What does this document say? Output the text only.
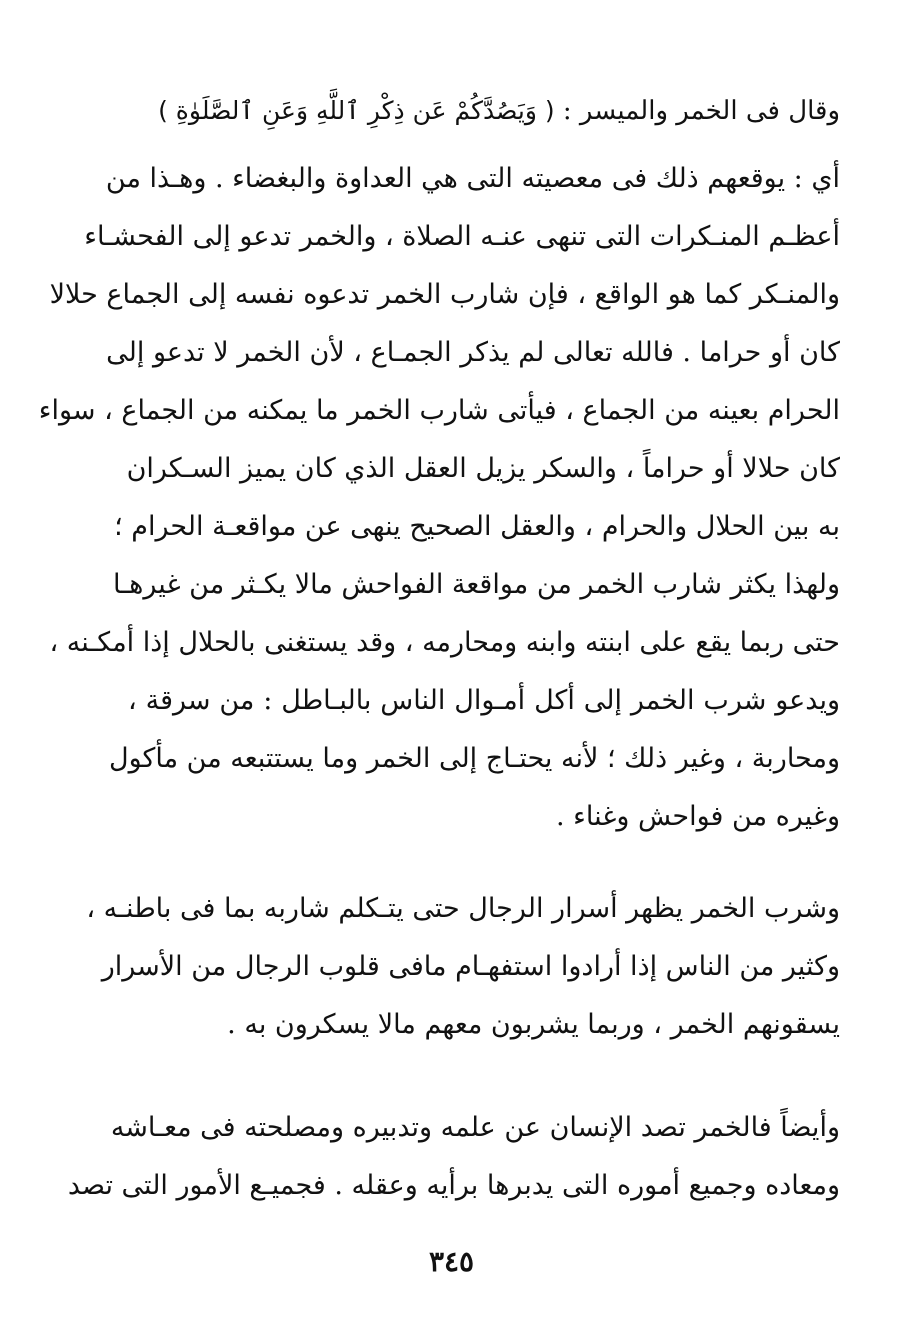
وقال فى الخمر والميسر : ( وَيَصُدَّكُمْ عَن ذِكْرِ ٱللَّهِ وَعَنِ ٱلصَّلَوٰةِ )
أي : يوقعهم ذلك فى معصيته التى هي العداوة والبغضاء . وهـذا من
أعظـم المنـكرات التى تنهى عنـه الصلاة ، والخمر تدعو إلى الفحشـاء
والمنـكر كما هو الواقع ، فإن شارب الخمر تدعوه نفسه إلى الجماع حلالا
كان أو حراما . فالله تعالى لم يذكر الجمـاع ، لأن الخمر لا تدعو إلى
الحرام بعينه من الجماع ، فيأتى شارب الخمر ما يمكنه من الجماع ، سواء
كان حلالا أو حراماً ، والسكر يزيل العقل الذي كان يميز السـكران
به بين الحلال والحرام ، والعقل الصحيح ينهى عن مواقعـة الحرام ؛
ولهذا يكثر شارب الخمر من مواقعة الفواحش مالا يكـثر من غيرهـا
حتى ربما يقع على ابنته وابنه ومحارمه ، وقد يستغنى بالحلال إذا أمكـنه ،
ويدعو شرب الخمر إلى أكل أمـوال الناس بالبـاطل : من سرقة ،
ومحاربة ، وغير ذلك ؛ لأنه يحتـاج إلى الخمر وما يستتبعه من مأكول
وغيره من فواحش وغناء .
وشرب الخمر يظهر أسرار الرجال حتى يتـكلم شاربه بما فى باطنـه ،
وكثير من الناس إذا أرادوا استفهـام مافى قلوب الرجال من الأسرار
يسقونهم الخمر ، وربما يشربون معهم مالا يسكرون به .
وأيضاً فالخمر تصد الإنسان عن علمه وتدبيره ومصلحته فى معـاشه
ومعاده وجميع أموره التى يدبرها برأيه وعقله . فجميـع الأمور التى تصد
٣٤٥
